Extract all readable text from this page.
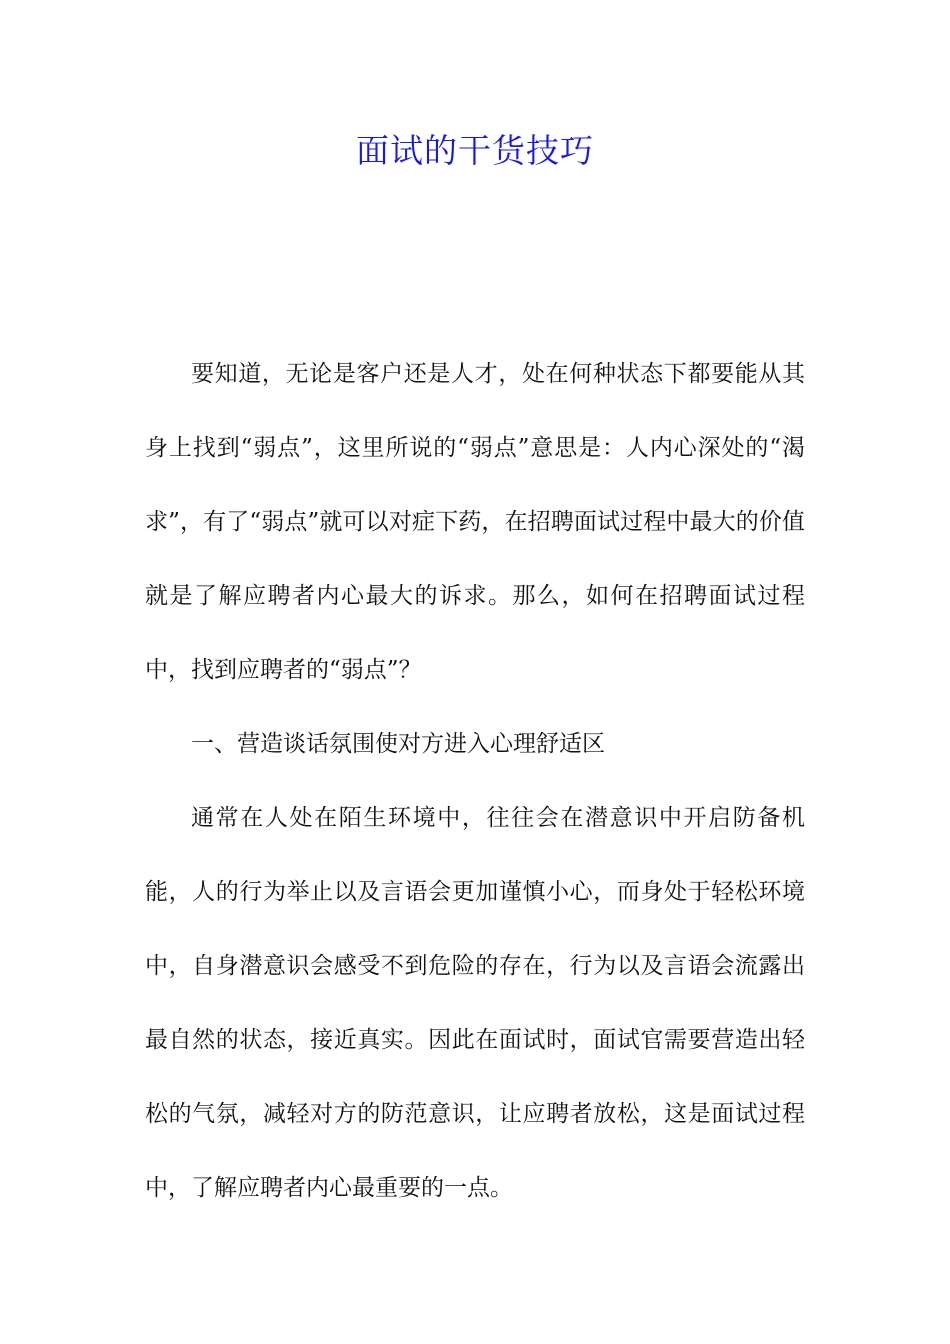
面试的干货技巧

要知道，无论是客户还是人才，处在何种状态下都要能从其身上找到“弱点”，这里所说的“弱点”意思是：人内心深处的“渴求”，有了“弱点”就可以对症下药，在招聘面试过程中最大的价值就是了解应聘者内心最大的诉求。那么，如何在招聘面试过程中，找到应聘者的“弱点”？

一、营造谈话氛围使对方进入心理舒适区

通常在人处在陌生环境中，往往会在潜意识中开启防备机能，人的行为举止以及言语会更加谨慎小心，而身处于轻松环境中，自身潜意识会感受不到危险的存在，行为以及言语会流露出最自然的状态，接近真实。因此在面试时，面试官需要营造出轻松的气氛，减轻对方的防范意识，让应聘者放松，这是面试过程中，了解应聘者内心最重要的一点。
